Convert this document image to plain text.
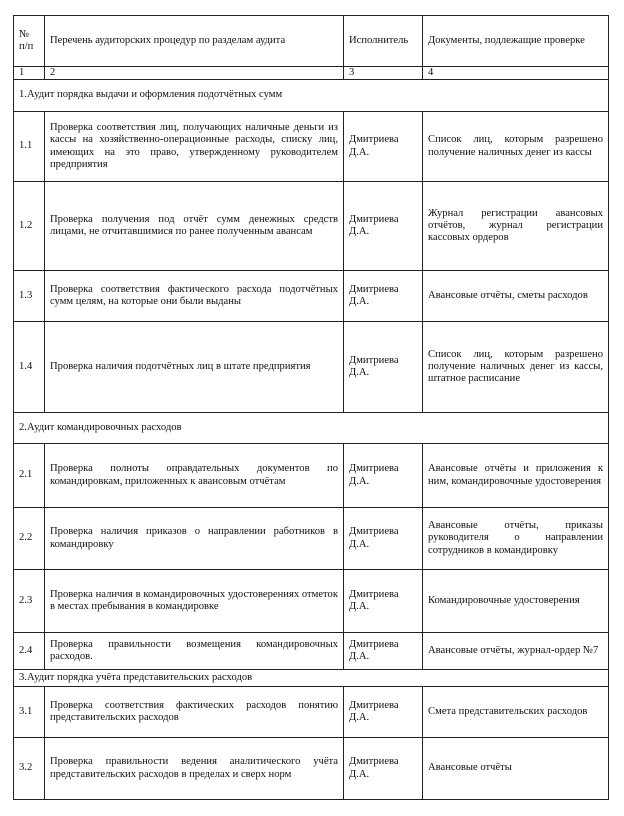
№ п/п	Перечень аудиторских процедур по разделам аудита	Исполнитель	Документы, подлежащие проверке
1	2	3	4
1.Аудит порядка выдачи и оформления подотчётных сумм			
1.1	Проверка соответствия лиц, получающих наличные деньги из кассы на хозяйственно-операционные расходы, списку лиц, имеющих на это право, утвержденному руководителем предприятия	Дмитриева Д.А.	Список лиц, которым разрешено получение наличных денег из кассы
1.2	Проверка получения под отчёт сумм денежных средств лицами, не отчитавшимися по ранее полученным авансам	Дмитриева Д.А.	Журнал регистрации авансовых отчётов, журнал регистрации кассовых ордеров
1.3	Проверка соответствия фактического расхода подотчётных сумм целям, на которые они были выданы	Дмитриева Д.А.	Авансовые отчёты, сметы расходов
1.4	Проверка наличия подотчётных лиц в штате предприятия	Дмитриева Д.А.	Список лиц, которым разрешено получение наличных денег из кассы, штатное расписание
2.Аудит командировочных расходов			
2.1	Проверка полноты оправдательных документов по командировкам, приложенных к авансовым отчётам	Дмитриева Д.А.	Авансовые отчёты и приложения к ним, командировочные удостоверения
2.2	Проверка наличия приказов о направлении работников в командировку	Дмитриева Д.А.	Авансовые отчёты, приказы руководителя о направлении сотрудников в командировку
2.3	Проверка наличия в командировочных удостоверениях отметок в местах пребывания в командировке	Дмитриева Д.А.	Командировочные удостоверения
2.4	Проверка правильности возмещения командировочных расходов.	Дмитриева Д.А.	Авансовые отчёты, журнал-ордер №7
3.Аудит порядка учёта представительских расходов			
3.1	Проверка соответствия фактических расходов понятию представительских расходов	Дмитриева Д.А.	Смета представительских расходов
3.2	Проверка правильности ведения аналитического учёта представительских расходов в пределах и сверх норм	Дмитриева Д.А.	Авансовые отчёты
